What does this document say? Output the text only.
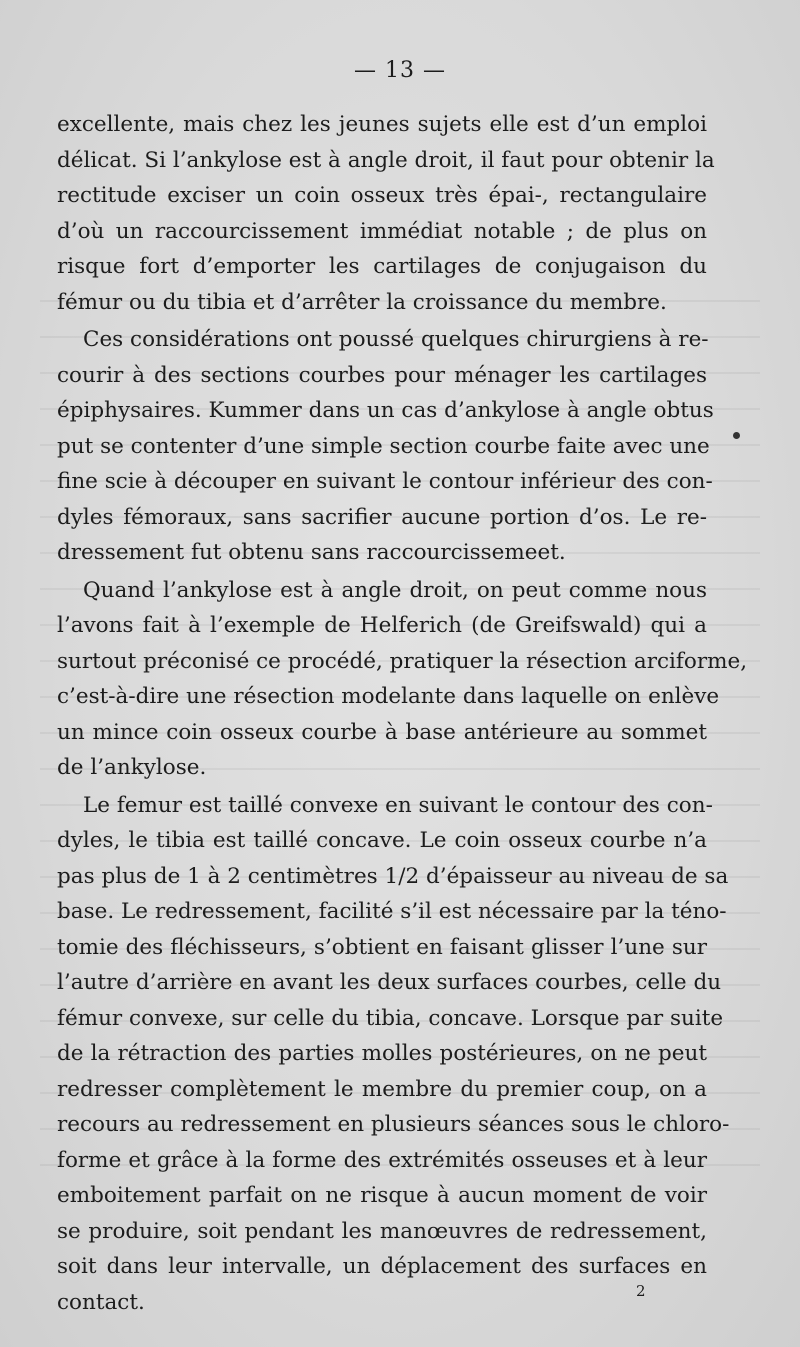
— 13 —
excellente, mais chez les jeunes sujets elle est d’un emploi
délicat. Si l’ankylose est à angle droit, il faut pour obtenir la
rectitude exciser un coin osseux très épai-, rectangulaire
d’où un raccourcissement immédiat notable ; de plus on
risque fort d’emporter les cartilages de conjugaison du
fémur ou du tibia et d’arrêter la croissance du membre.
Ces considérations ont poussé quelques chirurgiens à re-
courir à des sections courbes pour ménager les cartilages
épiphysaires. Kummer dans un cas d’ankylose à angle obtus
put se contenter d’une simple section courbe faite avec une
fine scie à découper en suivant le contour inférieur des con-
dyles fémoraux, sans sacrifier aucune portion d’os. Le re-
dressement fut obtenu sans raccourcissemeet.
Quand l’ankylose est à angle droit, on peut comme nous
l’avons fait à l’exemple de Helferich (de Greifswald) qui a
surtout préconisé ce procédé, pratiquer la résection arciforme,
c’est-à-dire une résection modelante dans laquelle on enlève
un mince coin osseux courbe à base antérieure au sommet
de l’ankylose.
Le femur est taillé convexe en suivant le contour des con-
dyles, le tibia est taillé concave. Le coin osseux courbe n’a
pas plus de 1 à 2 centimètres 1/2 d’épaisseur au niveau de sa
base. Le redressement, facilité s’il est nécessaire par la téno-
tomie des fléchisseurs, s’obtient en faisant glisser l’une sur
l’autre d’arrière en avant les deux surfaces courbes, celle du
fémur convexe, sur celle du tibia, concave. Lorsque par suite
de la rétraction des parties molles postérieures, on ne peut
redresser complètement le membre du premier coup, on a
recours au redressement en plusieurs séances sous le chloro-
forme et grâce à la forme des extrémités osseuses et à leur
emboitement parfait on ne risque à aucun moment de voir
se produire, soit pendant les manœuvres de redressement,
soit dans leur intervalle, un déplacement des surfaces en
contact.	2
